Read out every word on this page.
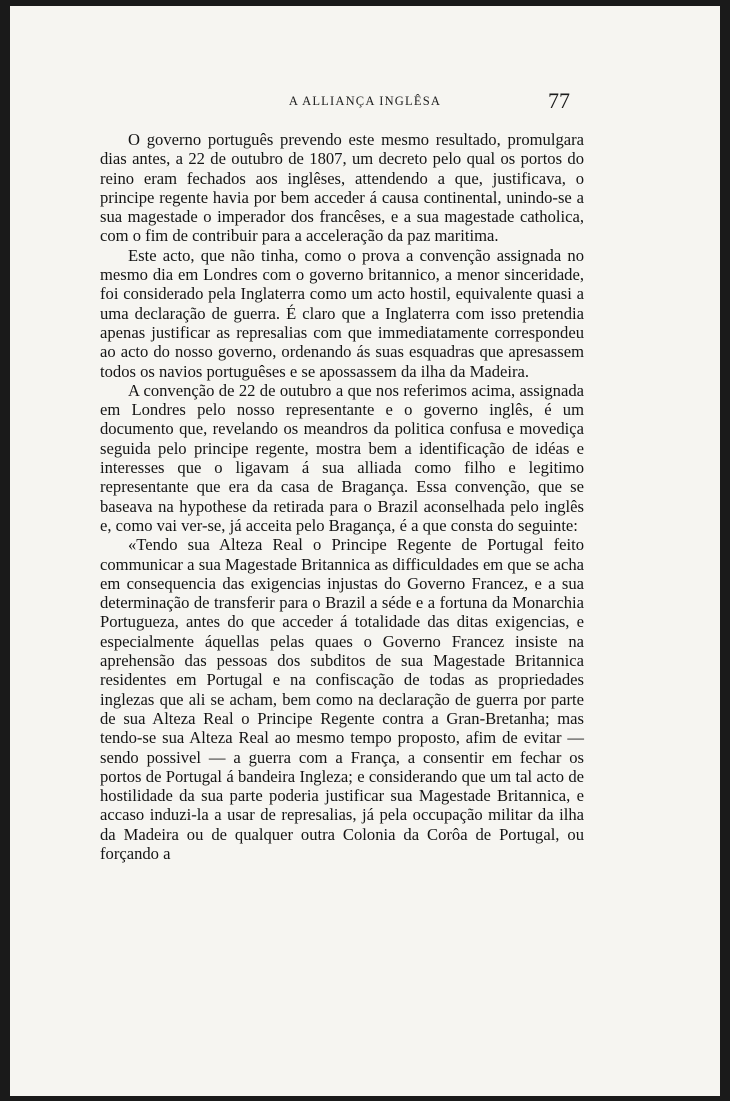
A ALLIANÇA INGLÊSA	77

O governo português prevendo este mesmo resultado, promulgara dias antes, a 22 de outubro de 1807, um decreto pelo qual os portos do reino eram fechados aos inglêses, attendendo a que, justificava, o principe regente havia por bem acceder á causa continental, unindo-se a sua magestade o imperador dos francêses, e a sua magestade catholica, com o fim de contribuir para a acceleração da paz maritima.

Este acto, que não tinha, como o prova a convenção assignada no mesmo dia em Londres com o governo britannico, a menor sinceridade, foi considerado pela Inglaterra como um acto hostil, equivalente quasi a uma declaração de guerra. É claro que a Inglaterra com isso pretendia apenas justificar as represalias com que immediatamente correspondeu ao acto do nosso governo, ordenando ás suas esquadras que apresassem todos os navios portuguêses e se apossassem da ilha da Madeira.

A convenção de 22 de outubro a que nos referimos acima, assignada em Londres pelo nosso representante e o governo inglês, é um documento que, revelando os meandros da politica confusa e movediça seguida pelo principe regente, mostra bem a identificação de idéas e interesses que o ligavam á sua alliada como filho e legitimo representante que era da casa de Bragança. Essa convenção, que se baseava na hypothese da retirada para o Brazil aconselhada pelo inglês e, como vai ver-se, já acceita pelo Bragança, é a que consta do seguinte:

«Tendo sua Alteza Real o Principe Regente de Portugal feito communicar a sua Magestade Britannica as difficuldades em que se acha em consequencia das exigencias injustas do Governo Francez, e a sua determinação de transferir para o Brazil a séde e a fortuna da Monarchia Portugueza, antes do que acceder á totalidade das ditas exigencias, e especialmente áquellas pelas quaes o Governo Francez insiste na aprehensão das pessoas dos subditos de sua Magestade Britannica residentes em Portugal e na confiscação de todas as propriedades inglezas que ali se acham, bem como na declaração de guerra por parte de sua Alteza Real o Principe Regente contra a Gran-Bretanha; mas tendo-se sua Alteza Real ao mesmo tempo proposto, afim de evitar — sendo possivel — a guerra com a França, a consentir em fechar os portos de Portugal á bandeira Ingleza; e considerando que um tal acto de hostilidade da sua parte poderia justificar sua Magestade Britannica, e accaso induzi-la a usar de represalias, já pela occupação militar da ilha da Madeira ou de qualquer outra Colonia da Corôa de Portugal, ou forçando a
